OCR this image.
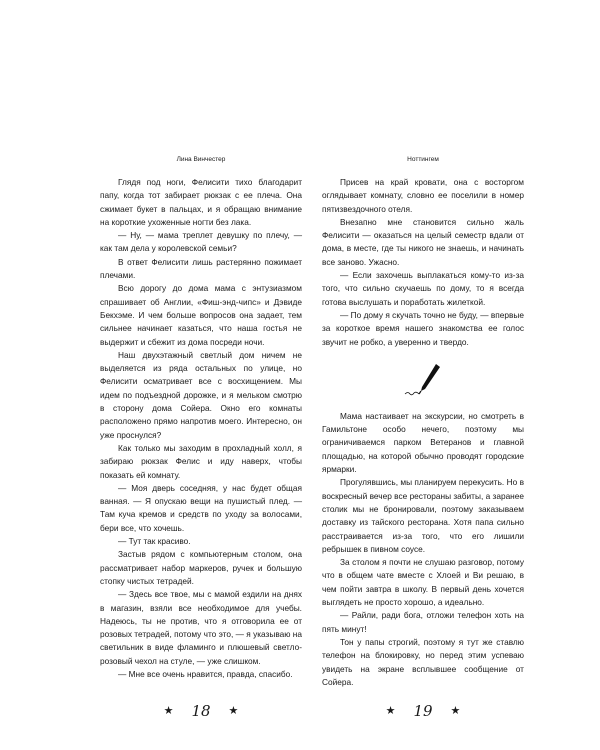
Лина Винчестер

Глядя под ноги, Фелисити тихо благодарит папу, когда тот забирает рюкзак с ее плеча. Она сжимает букет в пальцах, и я обращаю внимание на короткие ухоженные ногти без лака.

— Ну, — мама треплет девушку по плечу, — как там дела у королевской семьи?

В ответ Фелисити лишь растерянно пожимает плечами.

Всю дорогу до дома мама с энтузиазмом спрашивает об Англии, «Фиш-энд-чипс» и Дэвиде Бекхэме. И чем больше вопросов она задает, тем сильнее начинает казаться, что наша гостья не выдержит и сбежит из дома посреди ночи.

Наш двухэтажный светлый дом ничем не выделяется из ряда остальных по улице, но Фелисити осматривает все с восхищением. Мы идем по подъездной дорожке, и я мельком смотрю в сторону дома Сойера. Окно его комнаты расположено прямо напротив моего. Интересно, он уже проснулся?

Как только мы заходим в прохладный холл, я забираю рюкзак Фелис и иду наверх, чтобы показать ей комнату.

— Моя дверь соседняя, у нас будет общая ванная. — Я опускаю вещи на пушистый плед. — Там куча кремов и средств по уходу за волосами, бери все, что хочешь.

— Тут так красиво.

Застыв рядом с компьютерным столом, она рассматривает набор маркеров, ручек и большую стопку чистых тетрадей.

— Здесь все твое, мы с мамой ездили на днях в магазин, взяли все необходимое для учебы. Надеюсь, ты не против, что я отговорила ее от розовых тетрадей, потому что это, — я указываю на светильник в виде фламинго и плюшевый светло-розовый чехол на стуле, — уже слишком.

— Мне все очень нравится, правда, спасибо.

★ 18 ★
Ноттингем

Присев на край кровати, она с восторгом оглядывает комнату, словно ее поселили в номер пятизвездочного отеля.

Внезапно мне становится сильно жаль Фелисити — оказаться на целый семестр вдали от дома, в месте, где ты никого не знаешь, и начинать все заново. Ужасно.

— Если захочешь выплакаться кому-то из-за того, что сильно скучаешь по дому, то я всегда готова выслушать и поработать жилеткой.

— По дому я скучать точно не буду, — впервые за короткое время нашего знакомства ее голос звучит не робко, а уверенно и твердо.

Мама настаивает на экскурсии, но смотреть в Гамильтоне особо нечего, поэтому мы ограничиваемся парком Ветеранов и главной площадью, на которой обычно проводят городские ярмарки.

Прогулявшись, мы планируем перекусить. Но в воскресный вечер все рестораны забиты, а заранее столик мы не бронировали, поэтому заказываем доставку из тайского ресторана. Хотя папа сильно расстраивается из-за того, что его лишили ребрышек в пивном соусе.

За столом я почти не слушаю разговор, потому что в общем чате вместе с Хлоей и Ви решаю, в чем пойти завтра в школу. В первый день хочется выглядеть не просто хорошо, а идеально.

— Райли, ради бога, отложи телефон хоть на пять минут!

Тон у папы строгий, поэтому я тут же ставлю телефон на блокировку, но перед этим успеваю увидеть на экране всплывшее сообщение от Сойера.

★ 19 ★
